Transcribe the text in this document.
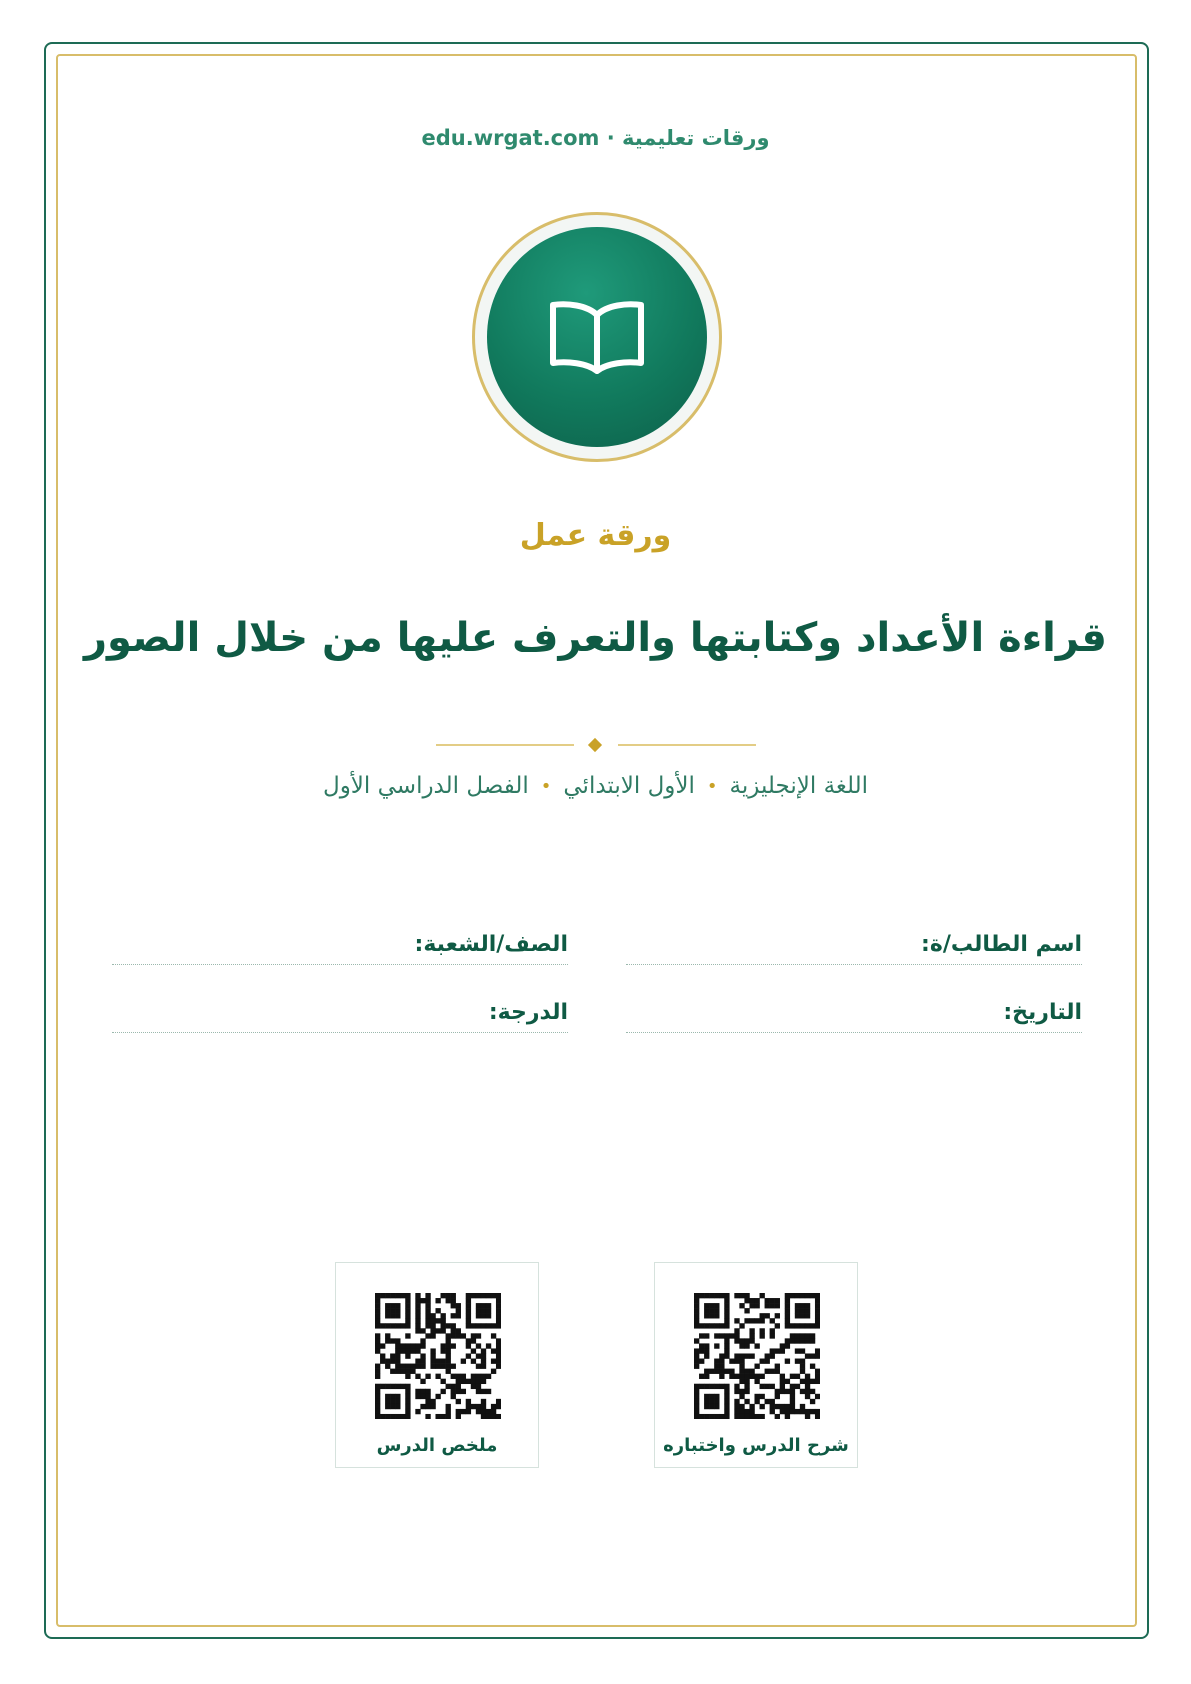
ورقات تعليمية · edu.wrgat.com
ورقة عمل
قراءة الأعداد وكتابتها والتعرف عليها من خلال الصور
اللغة الإنجليزية
•
الأول الابتدائي
•
الفصل الدراسي الأول
اسم الطالب/ة:
الصف/الشعبة:
التاريخ:
الدرجة:
شرح الدرس واختباره
ملخص الدرس
